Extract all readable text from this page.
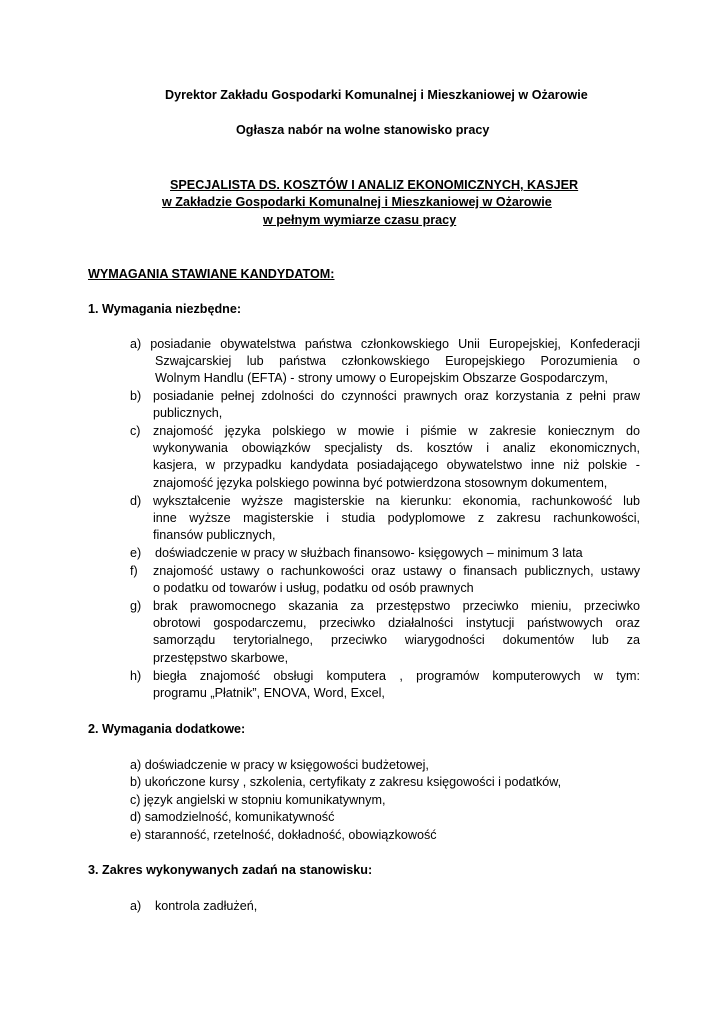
Dyrektor Zakładu Gospodarki Komunalnej i Mieszkaniowej w Ożarowie
Ogłasza nabór na wolne stanowisko pracy
SPECJALISTA DS. KOSZTÓW I ANALIZ EKONOMICZNYCH, KASJER
w Zakładzie Gospodarki Komunalnej i Mieszkaniowej w Ożarowie
w pełnym wymiarze czasu pracy
WYMAGANIA STAWIANE KANDYDATOM:
1. Wymagania niezbędne:
a) posiadanie obywatelstwa państwa członkowskiego Unii Europejskiej, Konfederacji
Szwajcarskiej lub państwa członkowskiego Europejskiego Porozumienia o
Wolnym Handlu (EFTA) - strony umowy o Europejskim Obszarze Gospodarczym,
b) posiadanie pełnej zdolności do czynności prawnych oraz korzystania z pełni praw
publicznych,
c) znajomość języka polskiego w mowie i piśmie w zakresie koniecznym do
wykonywania obowiązków specjalisty ds. kosztów i analiz ekonomicznych,
kasjera, w przypadku kandydata posiadającego obywatelstwo inne niż polskie -
znajomość języka polskiego powinna być potwierdzona stosownym dokumentem,
d) wykształcenie wyższe magisterskie na kierunku: ekonomia, rachunkowość lub
inne wyższe magisterskie i studia podyplomowe z zakresu rachunkowości,
finansów publicznych,
e) doświadczenie w pracy w służbach finansowo- księgowych – minimum 3 lata
f) znajomość ustawy o rachunkowości oraz ustawy o finansach publicznych, ustawy
o podatku od towarów i usług, podatku od osób prawnych
g) brak prawomocnego skazania za przestępstwo przeciwko mieniu, przeciwko
obrotowi gospodarczemu, przeciwko działalności instytucji państwowych oraz
samorządu terytorialnego, przeciwko wiarygodności dokumentów lub za
przestępstwo skarbowe,
h) biegła znajomość obsługi komputera , programów komputerowych w tym:
programu „Płatnik”, ENOVA, Word, Excel,
2. Wymagania dodatkowe:
a) doświadczenie w pracy w księgowości budżetowej,
b) ukończone kursy , szkolenia, certyfikaty z zakresu księgowości i podatków,
c) język angielski w stopniu komunikatywnym,
d) samodzielność, komunikatywność
e) staranność, rzetelność, dokładność, obowiązkowość
3. Zakres wykonywanych zadań na stanowisku:
a) kontrola zadłużeń,
